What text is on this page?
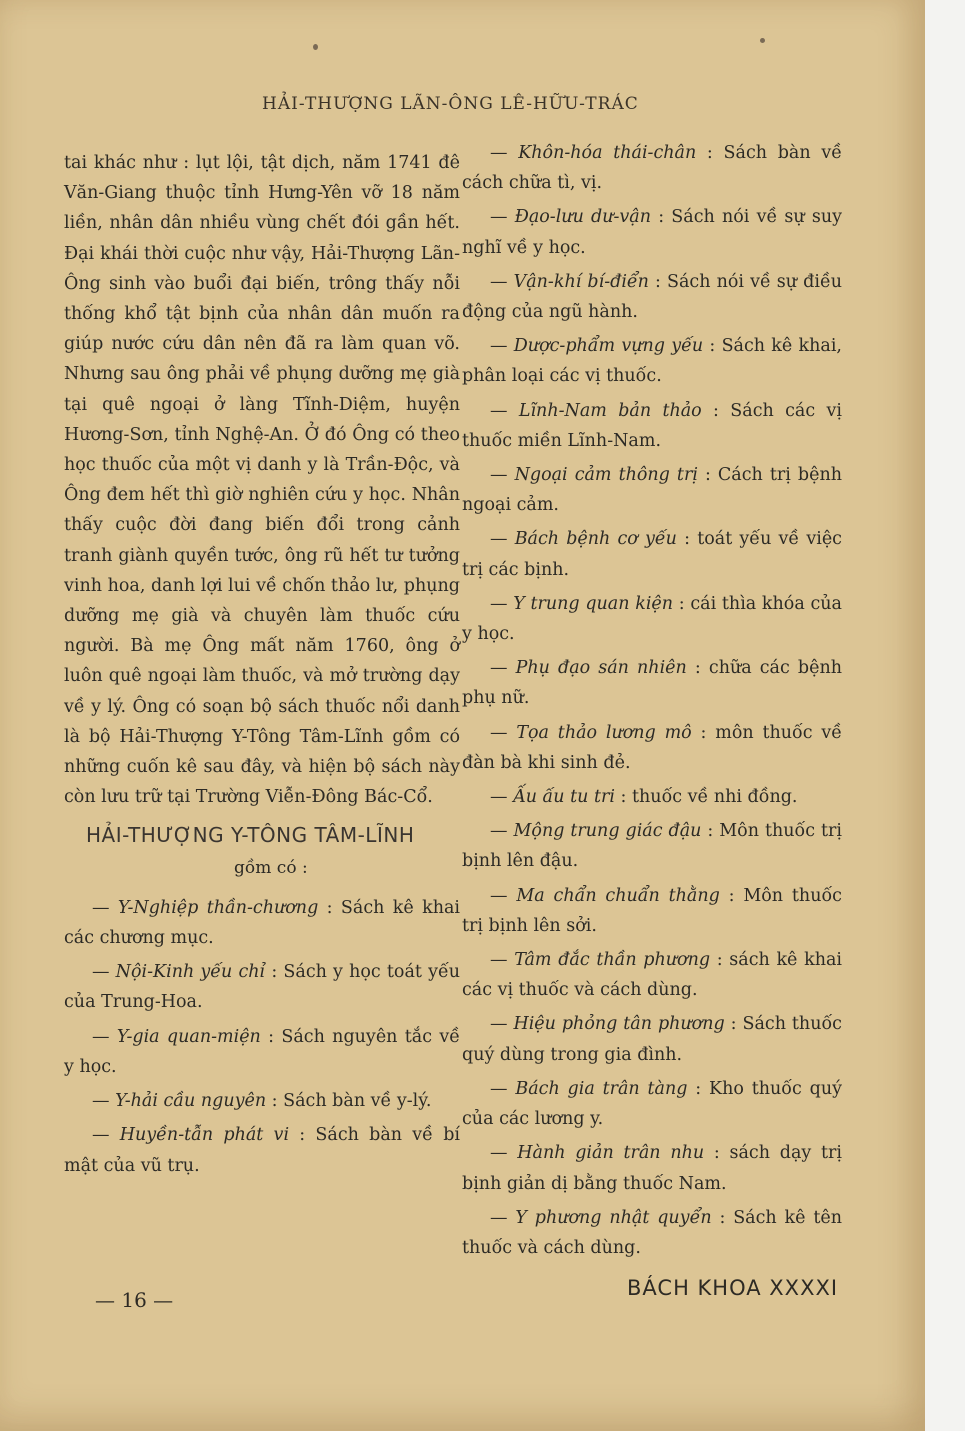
HẢI-THƯỢNG LÃN-ÔNG LÊ-HỮU-TRÁC

tai khác như : lụt lội, tật dịch, năm 1741 đê Văn-Giang thuộc tỉnh Hưng-Yên vỡ 18 năm liền, nhân dân nhiều vùng chết đói gần hết. Đại khái thời cuộc như vậy, Hải-Thượng Lãn-Ông sinh vào buổi đại biến, trông thấy nỗi thống khổ tật bịnh của nhân dân muốn ra giúp nước cứu dân nên đã ra làm quan võ. Nhưng sau ông phải về phụng dưỡng mẹ già tại quê ngoại ở làng Tĩnh-Diệm, huyện Hương-Sơn, tỉnh Nghệ-An. Ở đó Ông có theo học thuốc của một vị danh y là Trần-Độc, và Ông đem hết thì giờ nghiên cứu y học. Nhân thấy cuộc đời đang biến đổi trong cảnh tranh giành quyền tước, ông rũ hết tư tưởng vinh hoa, danh lợi lui về chốn thảo lư, phụng dưỡng mẹ già và chuyên làm thuốc cứu người. Bà mẹ Ông mất năm 1760, ông ở luôn quê ngoại làm thuốc, và mở trường dạy về y lý. Ông có soạn bộ sách thuốc nổi danh là bộ Hải-Thượng Y-Tông Tâm-Lĩnh gồm có những cuốn kê sau đây, và hiện bộ sách này còn lưu trữ tại Trường Viễn-Đông Bác-Cổ.

HẢI-THƯỢNG Y-TÔNG TÂM-LĨNH
gồm có :

— Y-Nghiệp thần-chương : Sách kê khai các chương mục.

— Nội-Kinh yếu chỉ : Sách y học toát yếu của Trung-Hoa.

— Y-gia quan-miện : Sách nguyên tắc về y học.

— Y-hải cầu nguyên : Sách bàn về y-lý.

— Huyền-tẫn phát vi : Sách bàn về bí mật của vũ trụ.

— Khôn-hóa thái-chân : Sách bàn về cách chữa tì, vị.

— Đạo-lưu dư-vận : Sách nói về sự suy nghĩ về y học.

— Vận-khí bí-điển : Sách nói về sự điều động của ngũ hành.

— Dược-phẩm vựng yếu : Sách kê khai, phân loại các vị thuốc.

— Lĩnh-Nam bản thảo : Sách các vị thuốc miền Lĩnh-Nam.

— Ngoại cảm thông trị : Cách trị bệnh ngoại cảm.

— Bách bệnh cơ yếu : toát yếu về việc trị các bịnh.

— Y trung quan kiện : cái thìa khóa của y học.

— Phụ đạo sán nhiên : chữa các bệnh phụ nữ.

— Tọa thảo lương mô : môn thuốc về đàn bà khi sinh đẻ.

— Ấu ấu tu tri : thuốc về nhi đồng.

— Mộng trung giác đậu : Môn thuốc trị bịnh lên đậu.

— Ma chẩn chuẩn thằng : Môn thuốc trị bịnh lên sởi.

— Tâm đắc thần phương : sách kê khai các vị thuốc và cách dùng.

— Hiệu phỏng tân phương : Sách thuốc quý dùng trong gia đình.

— Bách gia trân tàng : Kho thuốc quý của các lương y.

— Hành giản trân nhu : sách dạy trị bịnh giản dị bằng thuốc Nam.

— Y phương nhật quyển : Sách kê tên thuốc và cách dùng.

— 16 —	BÁCH KHOA XXXXI
